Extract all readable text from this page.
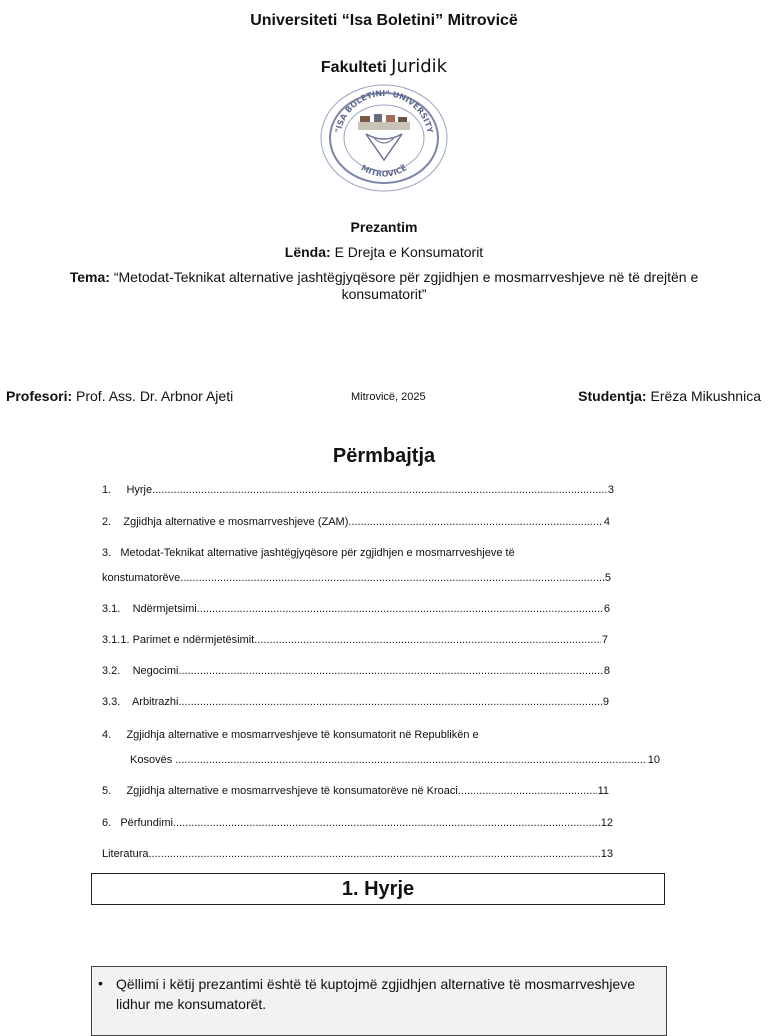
Universiteti “Isa Boletini” Mitrovicë
Fakulteti Juridik
"ISA BOLETINI" UNIVERSITY
MITROVICË
Prezantim
Lënda: E Drejta e Konsumatorit
Tema: “Metodat-Teknikat alternative jashtëgjyqësore për zgjidhjen e mosmarrveshjeve në të drejtën e konsumatorit”
Profesori: Prof. Ass. Dr. Arbnor Ajeti	Mitrovicë, 2025	Studentja: Erëza Mikushnica
Përmbajtja
1.     Hyrje .....	3
2.    Zgjidhja alternative e mosmarrveshjeve (ZAM) .....	4
3.   Metodat-Teknikat alternative jashtëgjyqësore për zgjidhjen e mosmarrveshjeve të
konstumatorëve .....	5
3.1.    Ndërmjetsimi .....	6
3.1.1. Parimet e ndërmjetësimit .....	7
3.2.    Negocimi .....	8
3.3.    Arbitrazhi .....	9
4.     Zgjidhja alternative e mosmarrveshjeve të konsumatorit në Republikën e
Kosovës .....	10
5.     Zgjidhja alternative e mosmarrveshjeve të konsumatorëve në Kroaci .....	11
6.   Përfundimi .....	12
Literatura .....	13
1. Hyrje
• Qëllimi i këtij prezantimi është të kuptojmë zgjidhjen alternative të mosmarrveshjeve lidhur me konsumatorët.
